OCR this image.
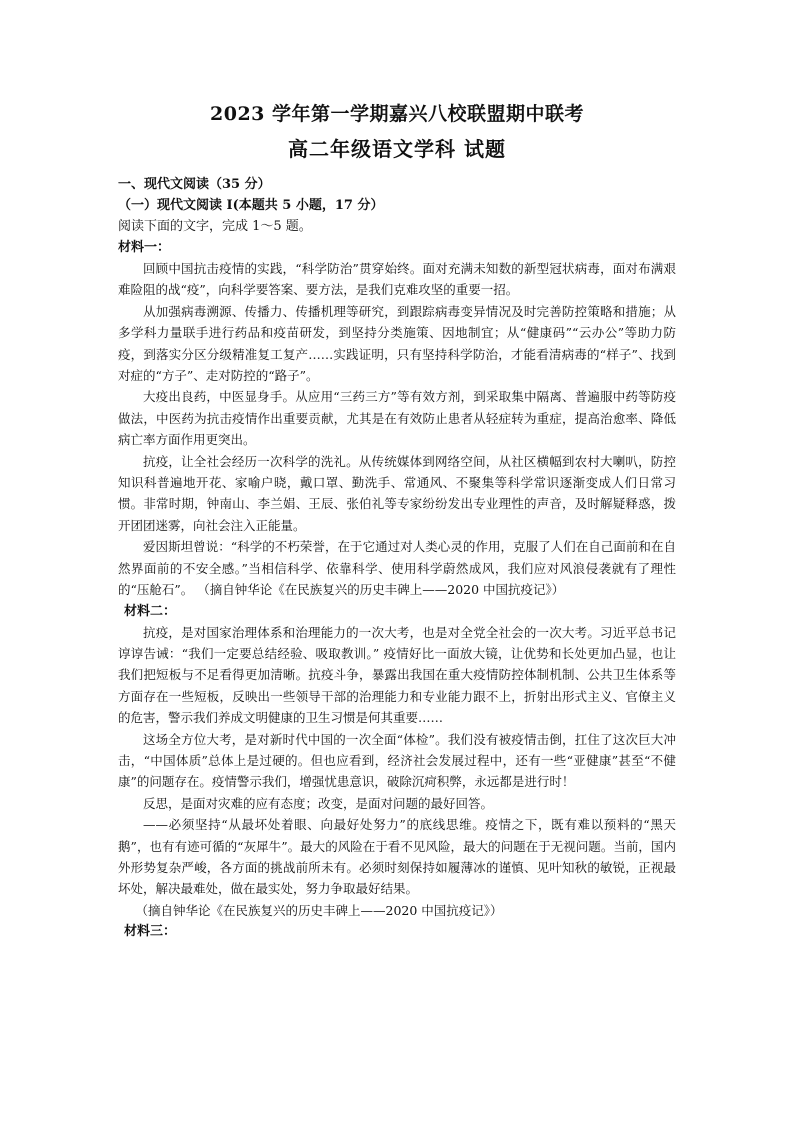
2023 学年第一学期嘉兴八校联盟期中联考
高二年级语文学科 试题
一、现代文阅读（35 分）
（一）现代文阅读 I(本题共 5 小题，17 分）
阅读下面的文字，完成 1～5 题。
材料一：

回顾中国抗击疫情的实践，“科学防治”贯穿始终。面对充满未知数的新型冠状病毒，面对布满艰难险阻的战“疫”，向科学要答案、要方法，是我们克难攻坚的重要一招。

从加强病毒溯源、传播力、传播机理等研究，到跟踪病毒变异情况及时完善防控策略和措施；从多学科力量联手进行药品和疫苗研发，到坚持分类施策、因地制宜；从“健康码”“云办公”等助力防疫，到落实分区分级精准复工复产……实践证明，只有坚持科学防治，才能看清病毒的“样子”、找到对症的“方子”、走对防控的“路子”。

大疫出良药，中医显身手。从应用“三药三方”等有效方剂，到采取集中隔离、普遍服中药等防疫做法，中医药为抗击疫情作出重要贡献，尤其是在有效防止患者从轻症转为重症，提高治愈率、降低病亡率方面作用更突出。

抗疫，让全社会经历一次科学的洗礼。从传统媒体到网络空间，从社区横幅到农村大喇叭，防控知识科普遍地开花、家喻户晓，戴口罩、勤洗手、常通风、不聚集等科学常识逐渐变成人们日常习惯。非常时期，钟南山、李兰娟、王辰、张伯礼等专家纷纷发出专业理性的声音，及时解疑释惑，拨开团团迷雾，向社会注入正能量。

爱因斯坦曾说：“科学的不朽荣誉，在于它通过对人类心灵的作用，克服了人们在自己面前和在自然界面前的不安全感。”当相信科学、依靠科学、使用科学蔚然成风，我们应对风浪侵袭就有了理性的“压舱石”。 （摘自钟华论《在民族复兴的历史丰碑上——2020 中国抗疫记》）

材料二：

抗疫，是对国家治理体系和治理能力的一次大考，也是对全党全社会的一次大考。习近平总书记谆谆告诫：“我们一定要总结经验、吸取教训。” 疫情好比一面放大镜，让优势和长处更加凸显，也让我们把短板与不足看得更加清晰。抗疫斗争，暴露出我国在重大疫情防控体制机制、公共卫生体系等方面存在一些短板，反映出一些领导干部的治理能力和专业能力跟不上，折射出形式主义、官僚主义的危害，警示我们养成文明健康的卫生习惯是何其重要……

这场全方位大考，是对新时代中国的一次全面“体检”。我们没有被疫情击倒，扛住了这次巨大冲击，“中国体质”总体上是过硬的。但也应看到，经济社会发展过程中，还有一些“亚健康”甚至“不健康”的问题存在。疫情警示我们，增强忧患意识，破除沉疴积弊，永远都是进行时！

反思，是面对灾难的应有态度；改变，是面对问题的最好回答。

——必须坚持“从最坏处着眼、向最好处努力”的底线思维。疫情之下，既有难以预料的“黑天鹅”，也有有迹可循的“灰犀牛”。最大的风险在于看不见风险，最大的问题在于无视问题。当前，国内外形势复杂严峻，各方面的挑战前所未有。必须时刻保持如履薄冰的谨慎、见叶知秋的敏锐，正视最坏处，解决最难处，做在最实处，努力争取最好结果。

（摘自钟华论《在民族复兴的历史丰碑上——2020 中国抗疫记》）

材料三：
